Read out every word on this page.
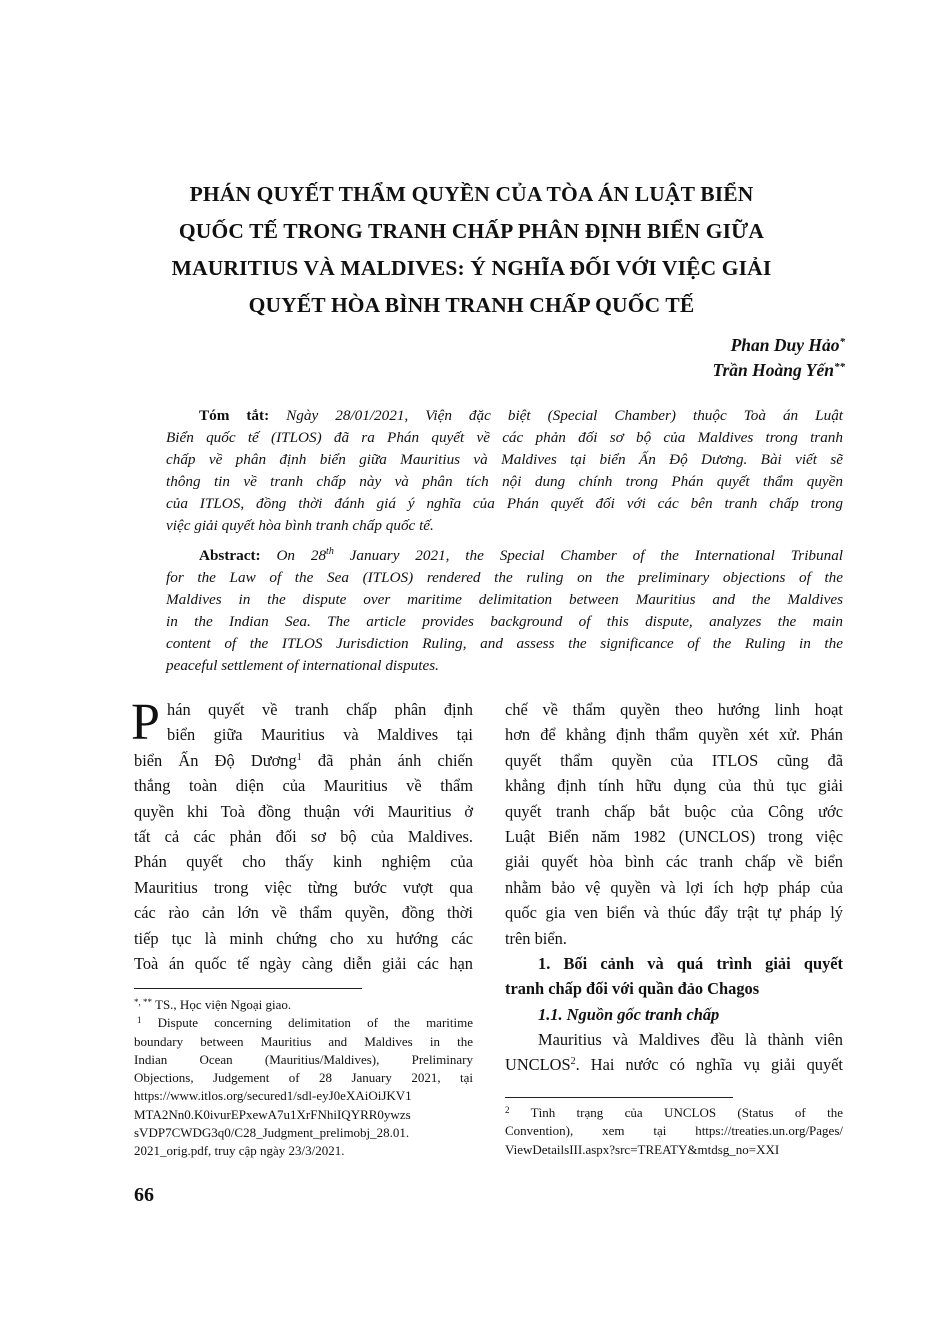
PHÁN QUYẾT THẨM QUYỀN CỦA TÒA ÁN LUẬT BIỂN
QUỐC TẾ TRONG TRANH CHẤP PHÂN ĐỊNH BIỂN GIỮA
MAURITIUS VÀ MALDIVES: Ý NGHĨA ĐỐI VỚI VIỆC GIẢI
QUYẾT HÒA BÌNH TRANH CHẤP QUỐC TẾ
Phan Duy Hảo*
Trần Hoàng Yến**
Tóm tắt: Ngày 28/01/2021, Viện đặc biệt (Special Chamber) thuộc Toà án Luật
Biển quốc tế (ITLOS) đã ra Phán quyết về các phản đối sơ bộ của Maldives trong tranh
chấp về phân định biển giữa Mauritius và Maldives tại biển Ấn Độ Dương. Bài viết sẽ
thông tin về tranh chấp này và phân tích nội dung chính trong Phán quyết thẩm quyền
của ITLOS, đồng thời đánh giá ý nghĩa của Phán quyết đối với các bên tranh chấp trong
việc giải quyết hòa bình tranh chấp quốc tế.
Abstract: On 28th January 2021, the Special Chamber of the International Tribunal
for the Law of the Sea (ITLOS) rendered the ruling on the preliminary objections of the
Maldives in the dispute over maritime delimitation between Mauritius and the Maldives
in the Indian Sea. The article provides background of this dispute, analyzes the main
content of the ITLOS Jurisdiction Ruling, and assess the significance of the Ruling in the
peaceful settlement of international disputes.
P hán quyết về tranh chấp phân định
biển giữa Mauritius và Maldives tại
biển Ấn Độ Dương$^1$ đã phản ánh chiến
thắng toàn diện của Mauritius về thẩm
quyền khi Toà đồng thuận với Mauritius ở
tất cả các phản đối sơ bộ của Maldives.
Phán quyết cho thấy kinh nghiệm của
Mauritius trong việc từng bước vượt qua
các rào cản lớn về thẩm quyền, đồng thời
tiếp tục là minh chứng cho xu hướng các
Toà án quốc tế ngày càng diễn giải các hạn
chế về thẩm quyền theo hướng linh hoạt
hơn để khẳng định thẩm quyền xét xử. Phán
quyết thẩm quyền của ITLOS cũng đã
khẳng định tính hữu dụng của thủ tục giải
quyết tranh chấp bắt buộc của Công ước
Luật Biển năm 1982 (UNCLOS) trong việc
giải quyết hòa bình các tranh chấp về biển
nhằm bảo vệ quyền và lợi ích hợp pháp của
quốc gia ven biển và thúc đẩy trật tự pháp lý
trên biển.
1. Bối cảnh và quá trình giải quyết
tranh chấp đối với quần đảo Chagos
1.1. Nguồn gốc tranh chấp
Mauritius và Maldives đều là thành viên
UNCLOS$^2$. Hai nước có nghĩa vụ giải quyết
*, ** TS., Học viện Ngoại giao.
$^1$ Dispute concerning delimitation of the maritime
boundary between Mauritius and Maldives in the
Indian Ocean (Mauritius/Maldives), Preliminary
Objections, Judgement of 28 January 2021, tại
https://www.itlos.org/secured1/sdl-eyJ0eXAiOiJKV1
MTA2Nn0.K0ivurEPxewA7u1XrFNhiIQYRR0ywzs
sVDP7CWDG3q0/C28_Judgment_prelimobj_28.01.
2021_orig.pdf, truy cập ngày 23/3/2021.
$^2$ Tình trạng của UNCLOS (Status of the
Convention), xem tại https://treaties.un.org/Pages/
ViewDetailsIII.aspx?src=TREATY&mtdsg_no=XXI
66
